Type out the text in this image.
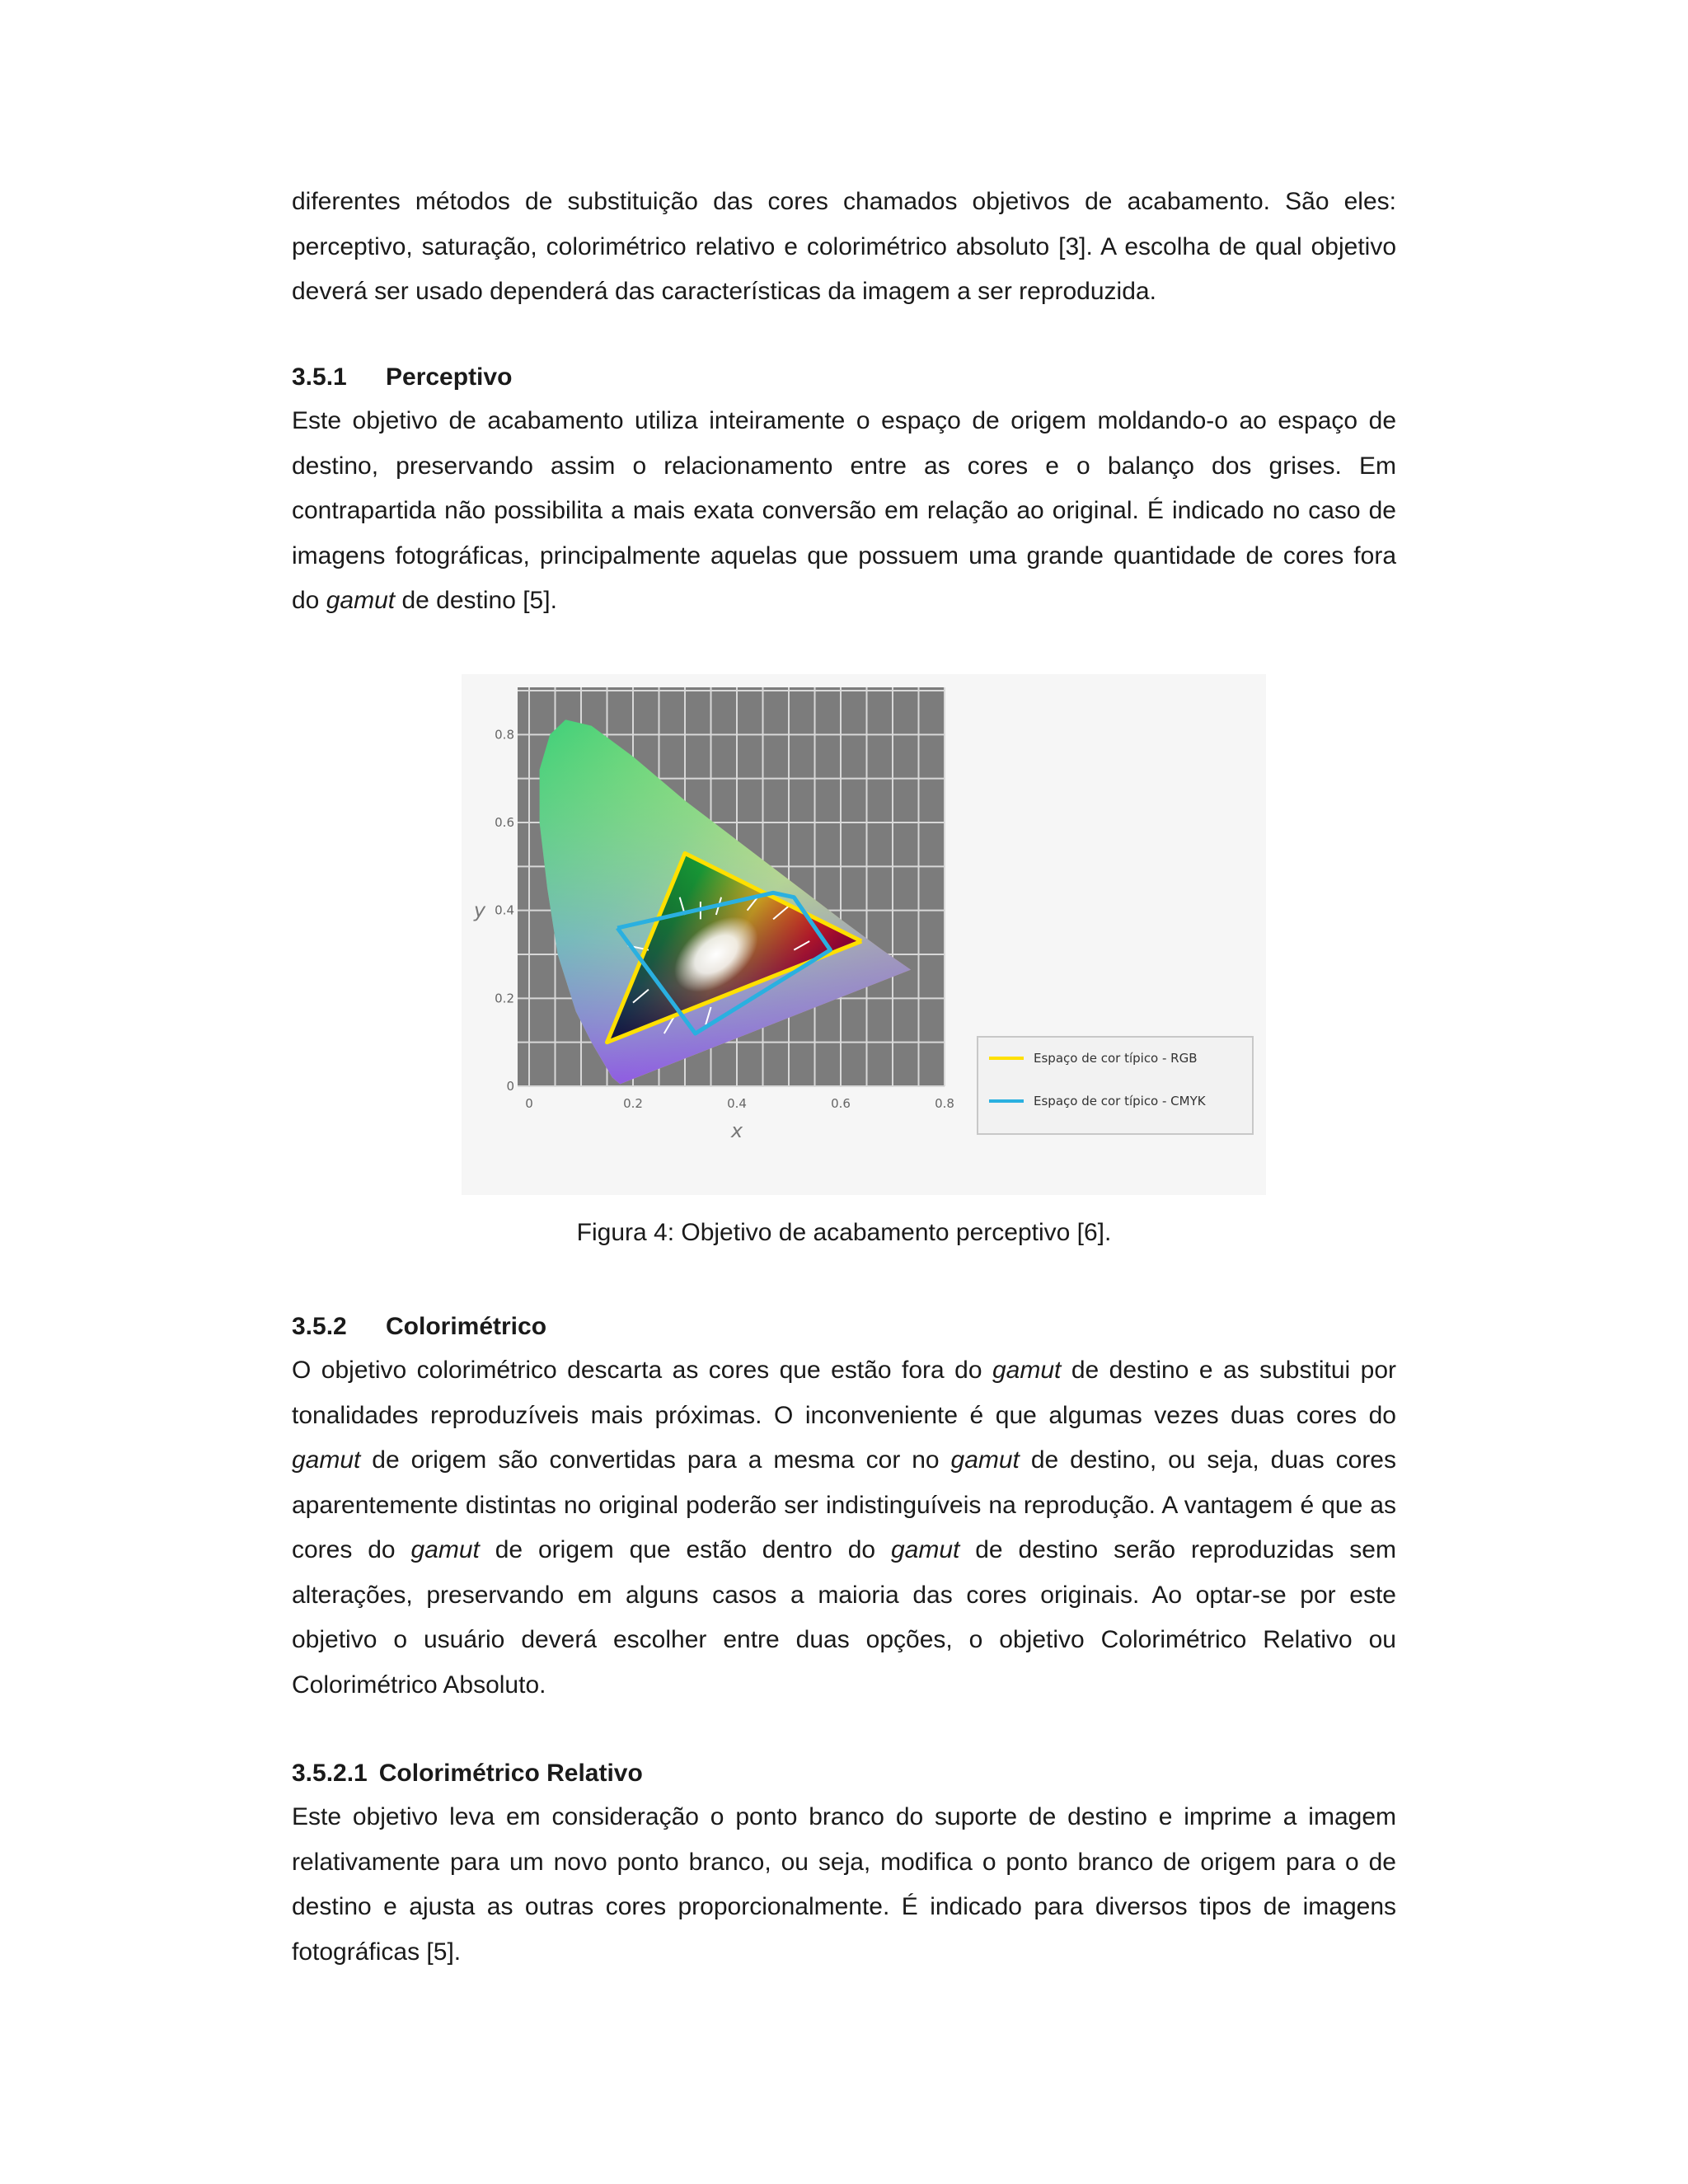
diferentes métodos de substituição das cores chamados objetivos de acabamento. São eles: perceptivo, saturação, colorimétrico relativo e colorimétrico absoluto [3]. A escolha de qual objetivo deverá ser usado dependerá das características da imagem a ser reproduzida.

3.5.1 Perceptivo

Este objetivo de acabamento utiliza inteiramente o espaço de origem moldando-o ao espaço de destino, preservando assim o relacionamento entre as cores e o balanço dos grises. Em contrapartida não possibilita a mais exata conversão em relação ao original. É indicado no caso de imagens fotográficas, principalmente aquelas que possuem uma grande quantidade de cores fora do gamut de destino [5].

0	0.2	0.4	0.6	0.8
0
0.2
0.4
0.6
0.8
x
y
Espaço de cor típico - RGB
Espaço de cor típico - CMYK
Figura 4: Objetivo de acabamento perceptivo [6].
3.5.2 Colorimétrico

O objetivo colorimétrico descarta as cores que estão fora do gamut de destino e as substitui por tonalidades reproduzíveis mais próximas. O inconveniente é que algumas vezes duas cores do gamut de origem são convertidas para a mesma cor no gamut de destino, ou seja, duas cores aparentemente distintas no original poderão ser indistinguíveis na reprodução. A vantagem é que as cores do gamut de origem que estão dentro do gamut de destino serão reproduzidas sem alterações, preservando em alguns casos a maioria das cores originais. Ao optar-se por este objetivo o usuário deverá escolher entre duas opções, o objetivo Colorimétrico Relativo ou Colorimétrico Absoluto.

3.5.2.1 Colorimétrico Relativo

Este objetivo leva em consideração o ponto branco do suporte de destino e imprime a imagem relativamente para um novo ponto branco, ou seja, modifica o ponto branco de origem para o de destino e ajusta as outras cores proporcionalmente. É indicado para diversos tipos de imagens fotográficas [5].
